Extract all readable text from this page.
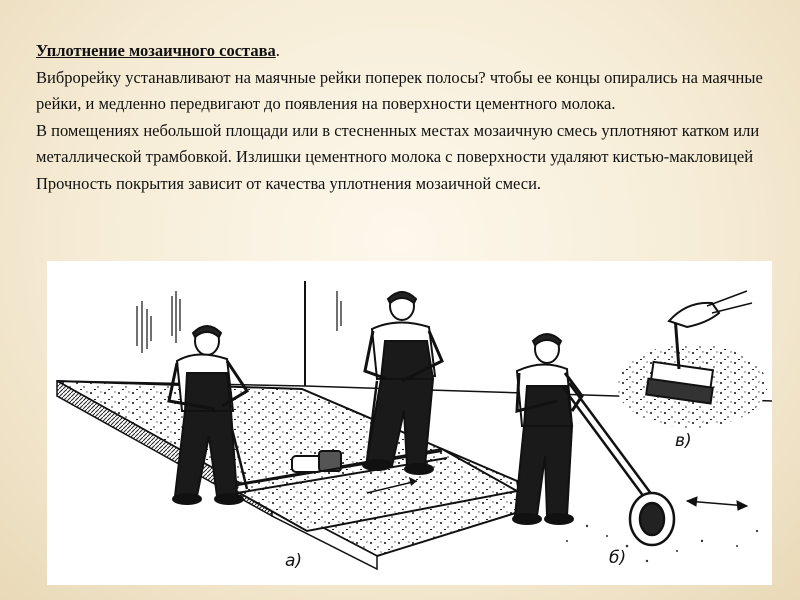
Уплотнение мозаичного состава.

Виброрейку устанавливают на маячные рейки поперек полосы? чтобы ее концы опирались на маячные рейки, и медленно передвигают до появления на поверхности цементного молока.

В помещениях небольшой площади или в стесненных местах мозаичную смесь уплотняют катком или металлической трамбовкой. Излишки цементного молока с поверхности удаляют кистью-макловицей

Прочность покрытия зависит от качества уплотнения мозаичной смеси.

а)	б)
в)
